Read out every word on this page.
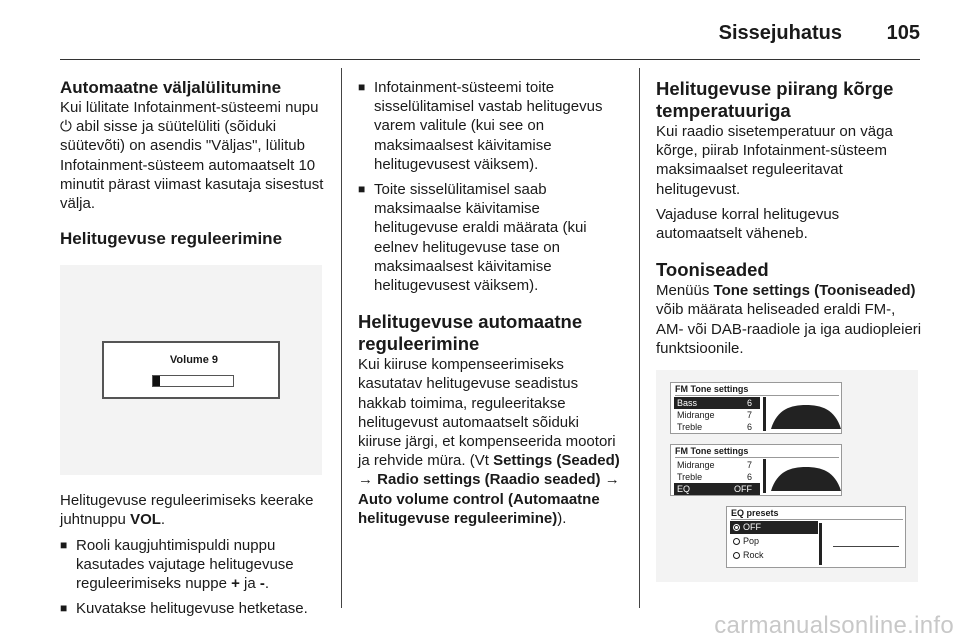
Sissejuhatus 105
Automaatne väljalülitumine
Kui lülitate Infotainment-süsteemi nupu ⏻ abil sisse ja süütelüliti (sõiduki süütevõti) on asendis "Väljas", lülitub Infotainment-süsteem automaatselt 10 minutit pärast viimast kasutaja sisestust välja.
Helitugevuse reguleerimine
Volume 9
Helitugevuse reguleerimiseks keerake juhtnuppu VOL.
■ Rooli kaugjuhtimispuldi nuppu kasutades vajutage helitugevuse reguleerimiseks nuppe + ja -.
■ Kuvatakse helitugevuse hetketase.
■ Infotainment-süsteemi toite sisselülitamisel vastab helitugevus varem valitule (kui see on maksimaalsest käivitamise helitugevusest väiksem).
■ Toite sisselülitamisel saab maksimaalse käivitamise helitugevuse eraldi määrata (kui eelnev helitugevuse tase on maksimaalsest käivitamise helitugevusest väiksem).
Helitugevuse automaatne reguleerimine
Kui kiiruse kompenseerimiseks kasutatav helitugevuse seadistus hakkab toimima, reguleeritakse helitugevust automaatselt sõiduki kiiruse järgi, et kompenseerida mootori ja rehvide müra. (Vt Settings (Seaded) → Radio settings (Raadio seaded) → Auto volume control (Automaatne helitugevuse reguleerimine)).
Helitugevuse piirang kõrge temperatuuriga
Kui raadio sisetemperatuur on väga kõrge, piirab Infotainment-süsteem maksimaalset reguleeritavat helitugevust.
Vajaduse korral helitugevus automaatselt väheneb.
Tooniseaded
Menüüs Tone settings (Tooniseaded) võib määrata heliseaded eraldi FM-, AM- või DAB-raadiole ja iga audiopleieri funktsioonile.
FM Tone settings
Bass	6
Midrange	7
Treble	6
FM Tone settings
Midrange	7
Treble	6
EQ	OFF
EQ presets
OFF
Pop
Rock
carmanualsonline.info
